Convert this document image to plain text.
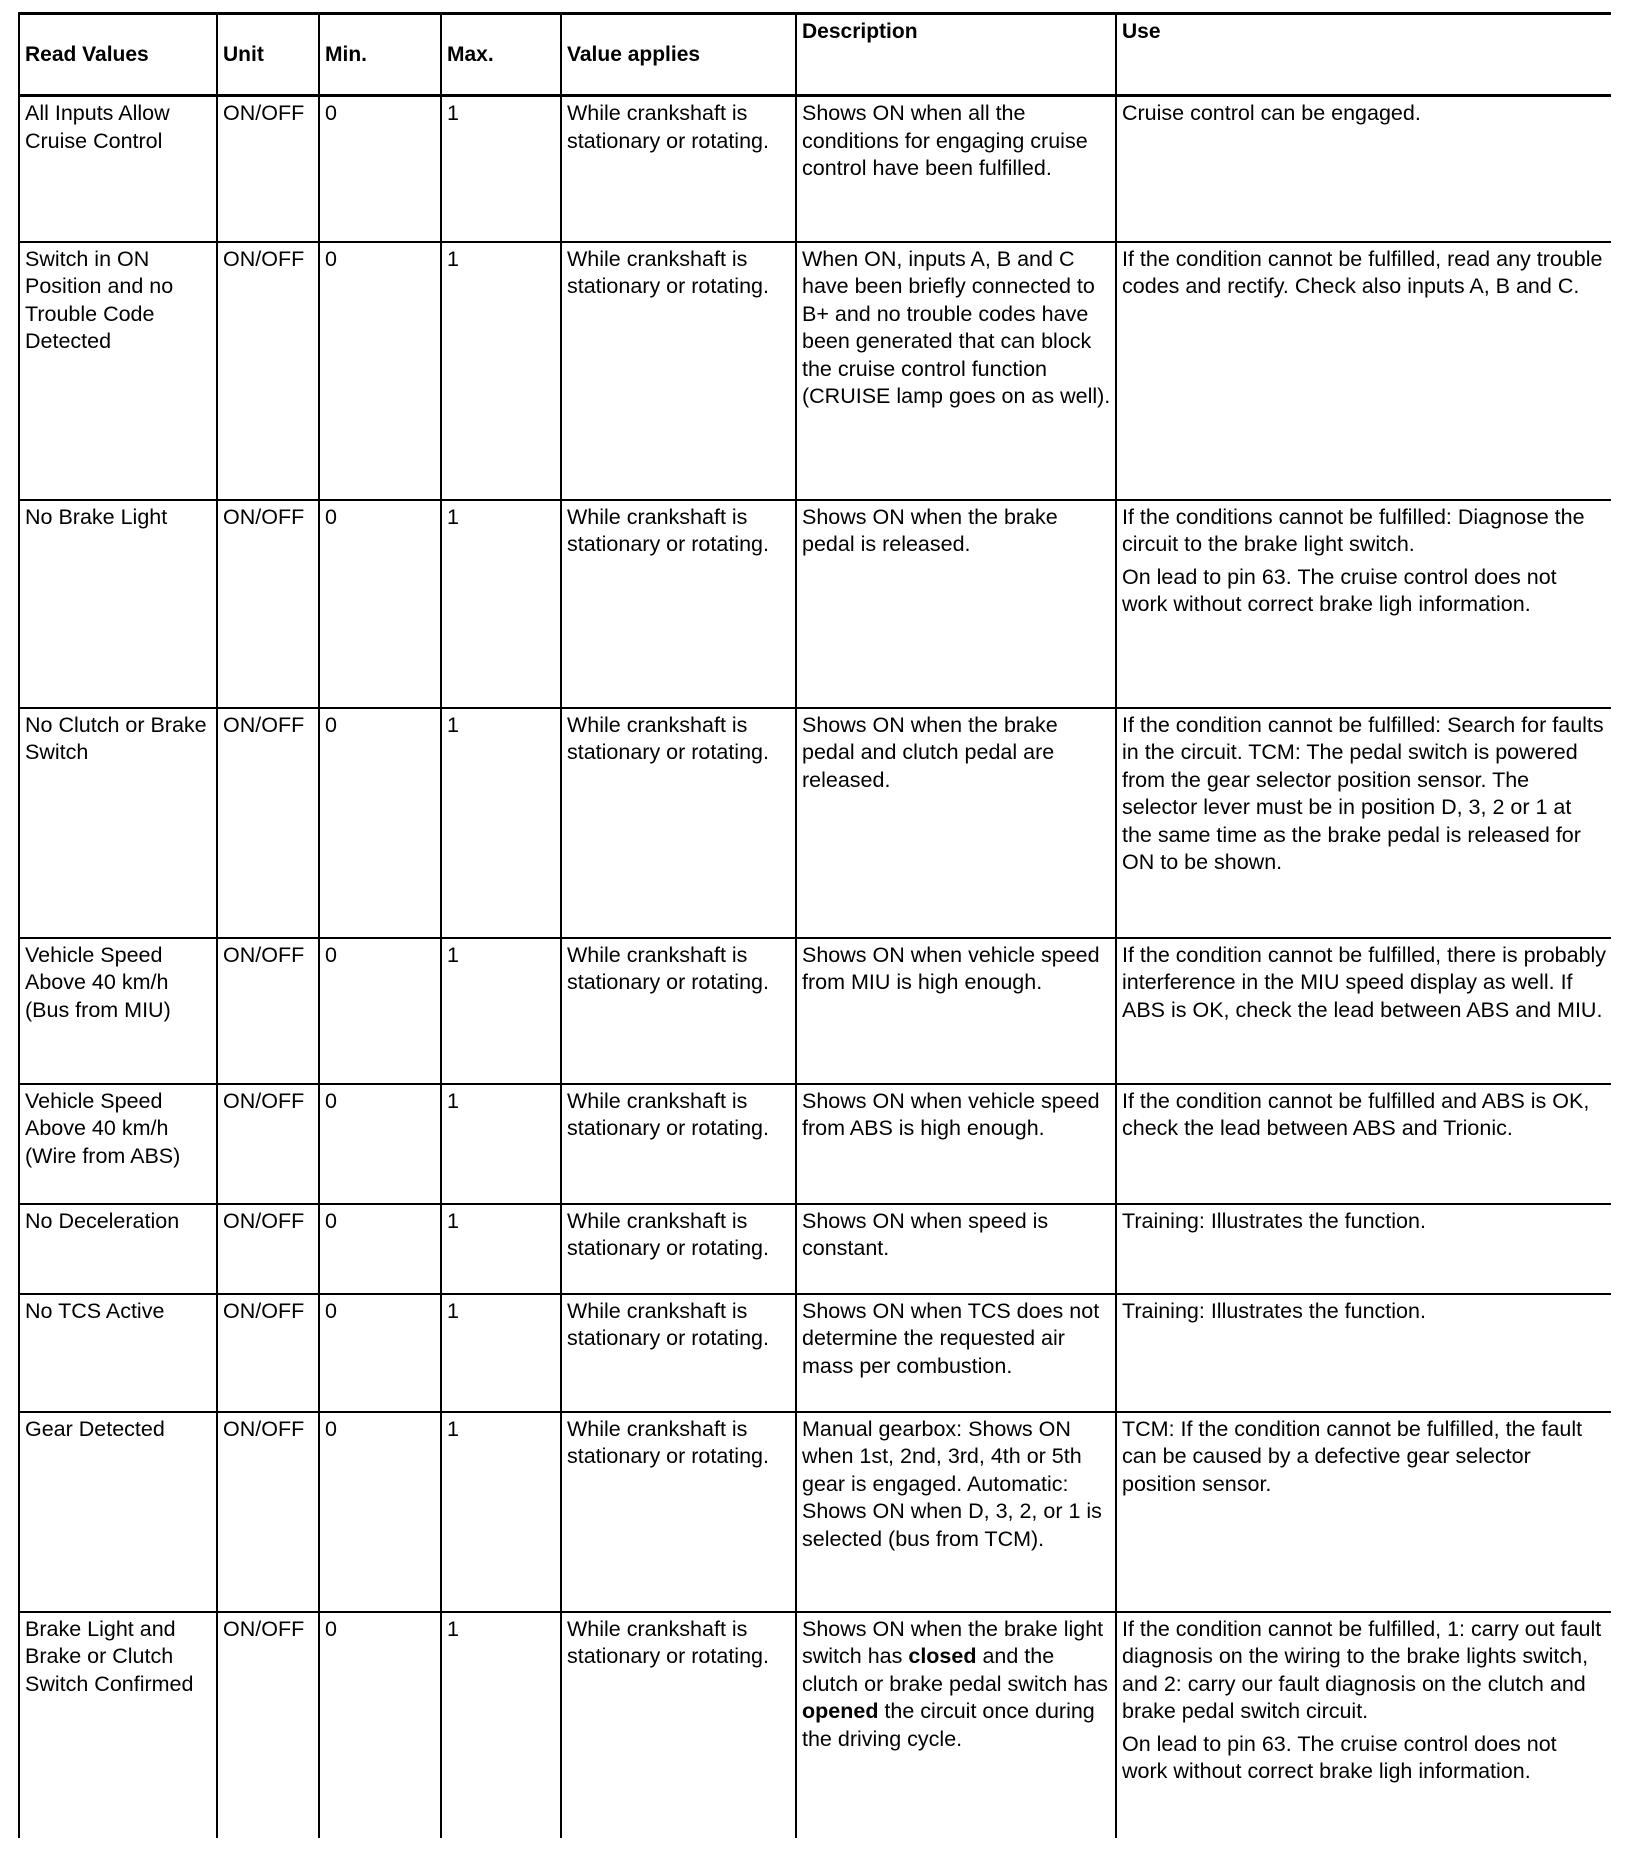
Read Values	Unit	Min.	Max.	Value applies	Description	Use
All Inputs Allow Cruise Control	ON/OFF	0	1	While crankshaft is stationary or rotating.	Shows ON when all the conditions for engaging cruise control have been fulfilled.	Cruise control can be engaged.

Switch in ON Position and no Trouble Code Detected	ON/OFF	0	1	While crankshaft is stationary or rotating.	When ON, inputs A, B and C have been briefly connected to B+ and no trouble codes have been generated that can block the cruise control function (CRUISE lamp goes on as well).	If the condition cannot be fulfilled, read any trouble codes and rectify. Check also inputs A, B and C.

No Brake Light	ON/OFF	0	1	While crankshaft is stationary or rotating.	Shows ON when the brake pedal is released.	If the conditions cannot be fulfilled: Diagnose the circuit to the brake light switch.

On lead to pin 63. The cruise control does not work without correct brake ligh information.

No Clutch or Brake Switch	ON/OFF	0	1	While crankshaft is stationary or rotating.	Shows ON when the brake pedal and clutch pedal are released.	If the condition cannot be fulfilled: Search for faults in the circuit. TCM: The pedal switch is powered from the gear selector position sensor. The selector lever must be in position D, 3, 2 or 1 at the same time as the brake pedal is released for ON to be shown.

Vehicle Speed Above 40 km/h (Bus from MIU)	ON/OFF	0	1	While crankshaft is stationary or rotating.	Shows ON when vehicle speed from MIU is high enough.	If the condition cannot be fulfilled, there is probably interference in the MIU speed display as well. If ABS is OK, check the lead between ABS and MIU.

Vehicle Speed Above 40 km/h (Wire from ABS)	ON/OFF	0	1	While crankshaft is stationary or rotating.	Shows ON when vehicle speed from ABS is high enough.	If the condition cannot be fulfilled and ABS is OK, check the lead between ABS and Trionic.

No Deceleration	ON/OFF	0	1	While crankshaft is stationary or rotating.	Shows ON when speed is constant.	Training: Illustrates the function.

No TCS Active	ON/OFF	0	1	While crankshaft is stationary or rotating.	Shows ON when TCS does not determine the requested air mass per combustion.	Training: Illustrates the function.

Gear Detected	ON/OFF	0	1	While crankshaft is stationary or rotating.	Manual gearbox: Shows ON when 1st, 2nd, 3rd, 4th or 5th gear is engaged. Automatic: Shows ON when D, 3, 2, or 1 is selected (bus from TCM).	TCM: If the condition cannot be fulfilled, the fault can be caused by a defective gear selector position sensor.

Brake Light and Brake or Clutch Switch Confirmed	ON/OFF	0	1	While crankshaft is stationary or rotating.	Shows ON when the brake light switch has closed and the clutch or brake pedal switch has opened the circuit once during the driving cycle.	If the condition cannot be fulfilled, 1: carry out fault diagnosis on the wiring to the brake lights switch, and 2: carry our fault diagnosis on the clutch and brake pedal switch circuit.

On lead to pin 63. The cruise control does not work without correct brake ligh information.
